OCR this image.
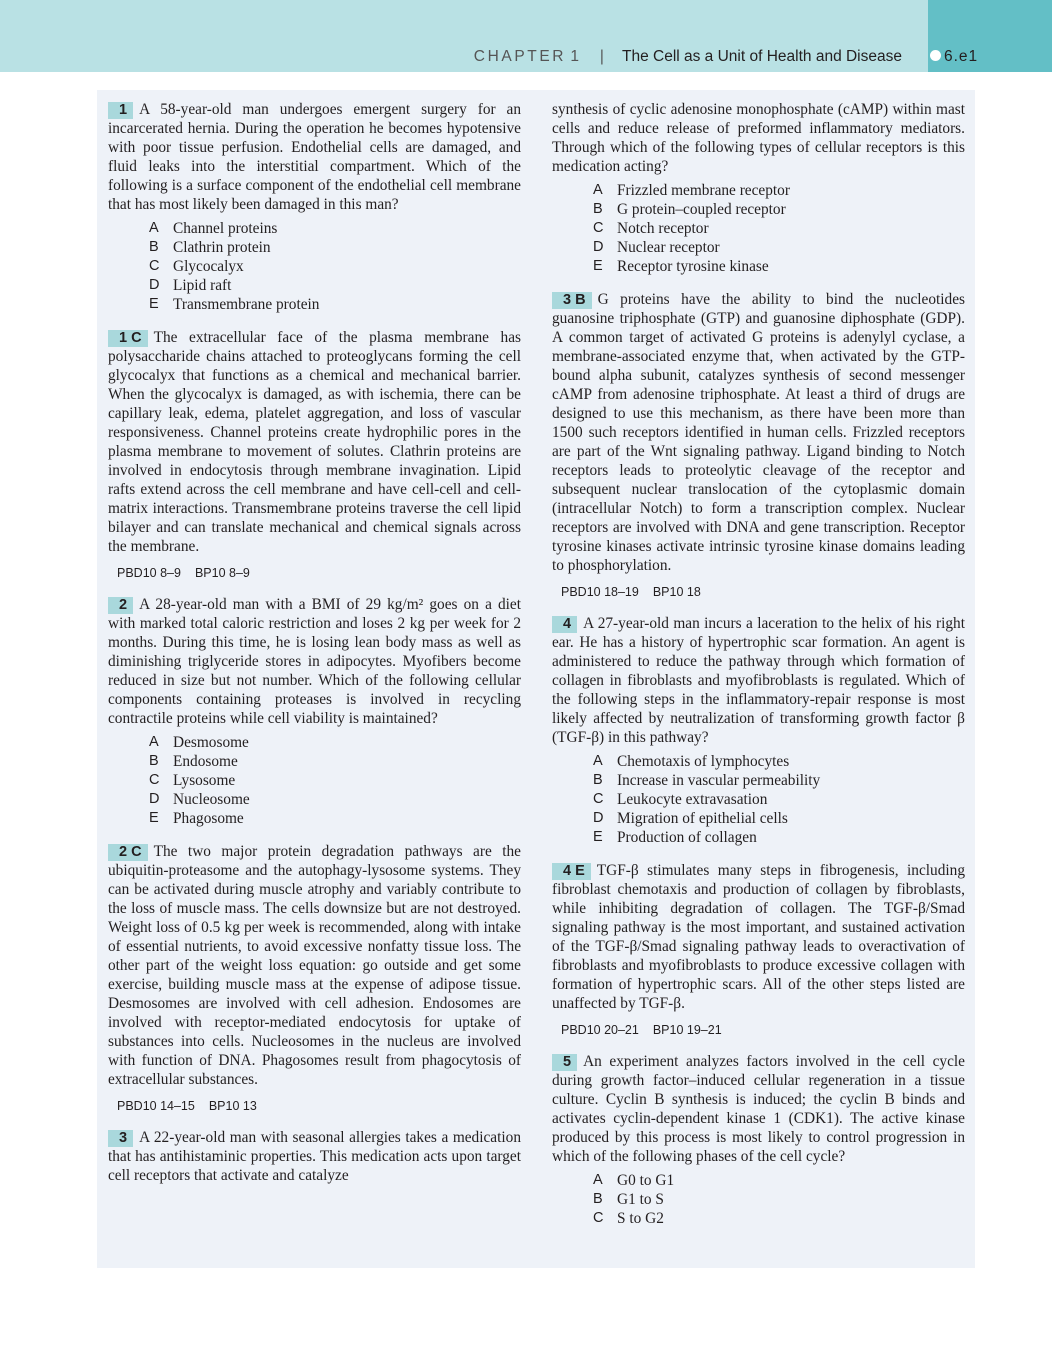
CHAPTER 1 | The Cell as a Unit of Health and Disease	6.e1

1 A 58-year-old man undergoes emergent surgery for an incarcerated hernia. During the operation he becomes hypotensive with poor tissue perfusion. Endothelial cells are damaged, and fluid leaks into the interstitial compartment. Which of the following is a surface component of the endothelial cell membrane that has most likely been damaged in this man?

A Channel proteins
B Clathrin protein
C Glycocalyx
D Lipid raft
E Transmembrane protein

1 C The extracellular face of the plasma membrane has polysaccharide chains attached to proteoglycans forming the cell glycocalyx that functions as a chemical and mechanical barrier. When the glycocalyx is damaged, as with ischemia, there can be capillary leak, edema, platelet aggregation, and loss of vascular responsiveness. Channel proteins create hydrophilic pores in the plasma membrane to movement of solutes. Clathrin proteins are involved in endocytosis through membrane invagination. Lipid rafts extend across the cell membrane and have cell-cell and cell-matrix interactions. Transmembrane proteins traverse the cell lipid bilayer and can translate mechanical and chemical signals across the membrane.

PBD10 8–9 BP10 8–9

2 A 28-year-old man with a BMI of 29 kg/m² goes on a diet with marked total caloric restriction and loses 2 kg per week for 2 months. During this time, he is losing lean body mass as well as diminishing triglyceride stores in adipocytes. Myofibers become reduced in size but not number. Which of the following cellular components containing proteases is involved in recycling contractile proteins while cell viability is maintained?

A Desmosome
B Endosome
C Lysosome
D Nucleosome
E Phagosome

2 C The two major protein degradation pathways are the ubiquitin-proteasome and the autophagy-lysosome systems. They can be activated during muscle atrophy and variably contribute to the loss of muscle mass. The cells downsize but are not destroyed. Weight loss of 0.5 kg per week is recommended, along with intake of essential nutrients, to avoid excessive nonfatty tissue loss. The other part of the weight loss equation: go outside and get some exercise, building muscle mass at the expense of adipose tissue. Desmosomes are involved with cell adhesion. Endosomes are involved with receptor-mediated endocytosis for uptake of substances into cells. Nucleosomes in the nucleus are involved with function of DNA. Phagosomes result from phagocytosis of extracellular substances.

PBD10 14–15 BP10 13

3 A 22-year-old man with seasonal allergies takes a medication that has antihistaminic properties. This medication acts upon target cell receptors that activate and catalyze

synthesis of cyclic adenosine monophosphate (cAMP) within mast cells and reduce release of preformed inflammatory mediators. Through which of the following types of cellular receptors is this medication acting?

A Frizzled membrane receptor
B G protein–coupled receptor
C Notch receptor
D Nuclear receptor
E Receptor tyrosine kinase

3 B G proteins have the ability to bind the nucleotides guanosine triphosphate (GTP) and guanosine diphosphate (GDP). A common target of activated G proteins is adenylyl cyclase, a membrane-associated enzyme that, when activated by the GTP-bound alpha subunit, catalyzes synthesis of second messenger cAMP from adenosine triphosphate. At least a third of drugs are designed to use this mechanism, as there have been more than 1500 such receptors identified in human cells. Frizzled receptors are part of the Wnt signaling pathway. Ligand binding to Notch receptors leads to proteolytic cleavage of the receptor and subsequent nuclear translocation of the cytoplasmic domain (intracellular Notch) to form a transcription complex. Nuclear receptors are involved with DNA and gene transcription. Receptor tyrosine kinases activate intrinsic tyrosine kinase domains leading to phosphorylation.

PBD10 18–19 BP10 18

4 A 27-year-old man incurs a laceration to the helix of his right ear. He has a history of hypertrophic scar formation. An agent is administered to reduce the pathway through which formation of collagen in fibroblasts and myofibroblasts is regulated. Which of the following steps in the inflammatory-repair response is most likely affected by neutralization of transforming growth factor β (TGF-β) in this pathway?

A Chemotaxis of lymphocytes
B Increase in vascular permeability
C Leukocyte extravasation
D Migration of epithelial cells
E Production of collagen

4 E TGF-β stimulates many steps in fibrogenesis, including fibroblast chemotaxis and production of collagen by fibroblasts, while inhibiting degradation of collagen. The TGF-β/Smad signaling pathway is the most important, and sustained activation of the TGF-β/Smad signaling pathway leads to overactivation of fibroblasts and myofibroblasts to produce excessive collagen with formation of hypertrophic scars. All of the other steps listed are unaffected by TGF-β.

PBD10 20–21 BP10 19–21

5 An experiment analyzes factors involved in the cell cycle during growth factor–induced cellular regeneration in a tissue culture. Cyclin B synthesis is induced; the cyclin B binds and activates cyclin-dependent kinase 1 (CDK1). The active kinase produced by this process is most likely to control progression in which of the following phases of the cell cycle?

A G0 to G1
B G1 to S
C S to G2
